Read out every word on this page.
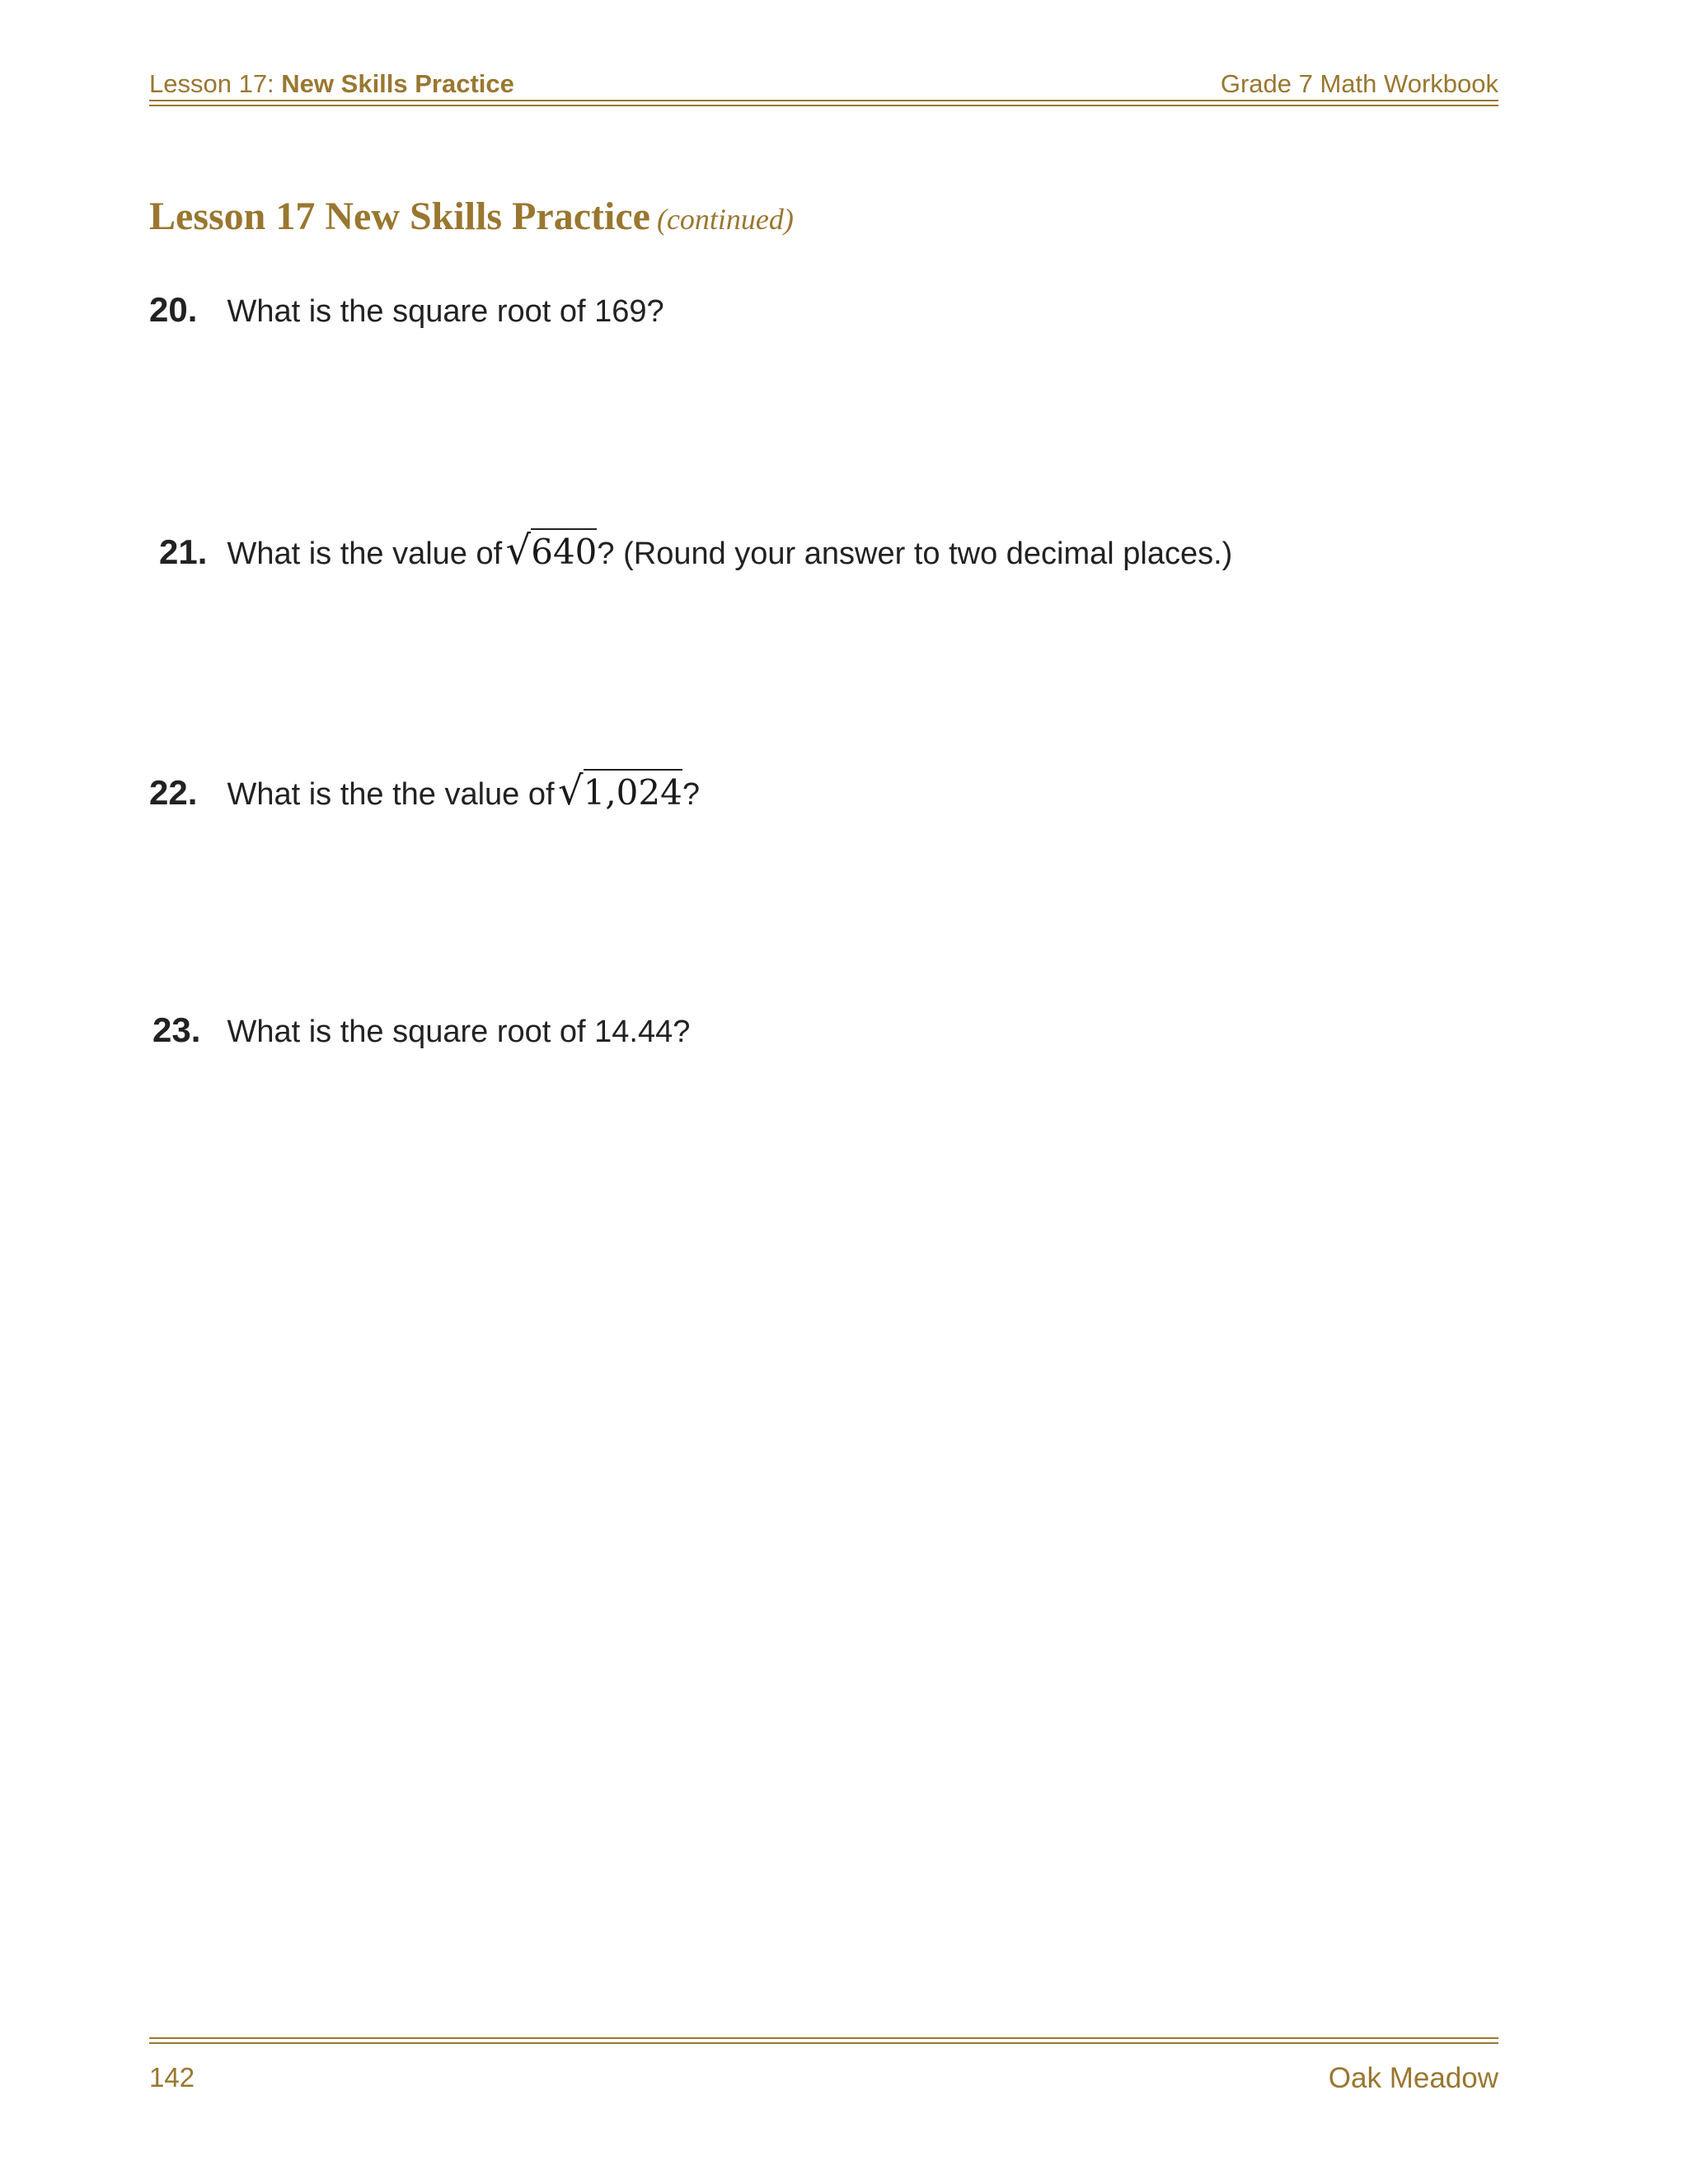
Lesson 17: New Skills Practice	Grade 7 Math Workbook
Lesson 17 New Skills Practice (continued)
20. What is the square root of 169?
21. What is the value of √640? (Round your answer to two decimal places.)
22. What is the the value of √1,024?
23. What is the square root of 14.44?
142	Oak Meadow
